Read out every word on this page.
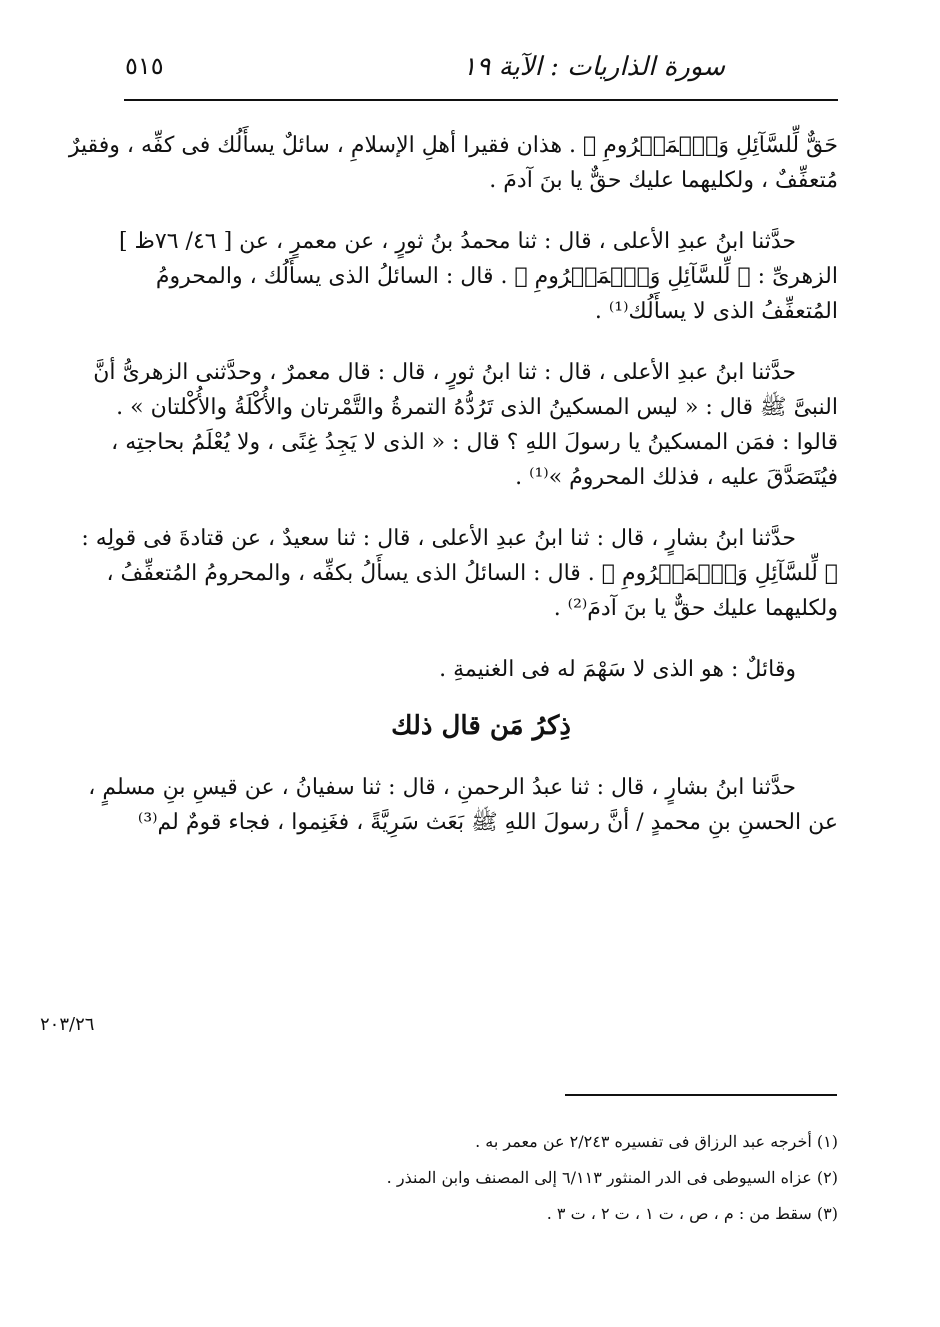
سورة الذاريات : الآية ١٩
٥١٥
حَقٌّ لِّلسَّآئِلِ وَٱلۡمَحۡرُومِ ﴾ . هذان فقيرا أهلِ الإسلامِ ، سائلٌ يسأَلُك فى كفِّه ، وفقيرٌ
مُتعفِّفٌ ، ولكليهما عليك حقٌّ يا بنَ آدمَ .
حدَّثنا ابنُ عبدِ الأعلى ، قال : ثنا محمدُ بنُ ثورٍ ، عن معمرٍ ، عن [ ٤٦/ ٧٦ظ ]
الزهرىِّ : ﴿ لِّلسَّآئِلِ وَٱلۡمَحۡرُومِ ﴾ . قال : السائلُ الذى يسأَلُك ، والمحرومُ
المُتعفِّفُ الذى لا يسأَلُك⁽¹⁾ .
حدَّثنا ابنُ عبدِ الأعلى ، قال : ثنا ابنُ ثورٍ ، قال : قال معمرٌ ، وحدَّثنى الزهرىُّ أنَّ
النبىَّ ﷺ قال : « ليس المسكينُ الذى تَرُدُّهُ التمرةُ والتَّمْرتان والأُكْلَةُ والأُكْلتان » .
قالوا : فمَن المسكينُ يا رسولَ اللهِ ؟ قال : « الذى لا يَجِدُ غِنًى ، ولا يُعْلَمُ بحاجتِه ،
فيُتَصَدَّقَ عليه ، فذلك المحرومُ »⁽¹⁾ .
حدَّثنا ابنُ بشارٍ ، قال : ثنا ابنُ عبدِ الأعلى ، قال : ثنا سعيدٌ ، عن قتادةَ فى قولِه :
﴿ لِّلسَّآئِلِ وَٱلۡمَحۡرُومِ ﴾ . قال : السائلُ الذى يسأَلُ بكفِّه ، والمحرومُ المُتعفِّفُ ،
ولكليهما عليك حقٌّ يا بنَ آدمَ⁽²⁾ .
وقائلٌ : هو الذى لا سَهْمَ له فى الغنيمةِ .
ذِكرُ مَن قال ذلك
حدَّثنا ابنُ بشارٍ ، قال : ثنا عبدُ الرحمنِ ، قال : ثنا سفيانُ ، عن قيسِ بنِ مسلمٍ ،
عن الحسنِ بنِ محمدٍ / أنَّ رسولَ اللهِ ﷺ بَعَث سَرِيَّةً ، فغَنِموا ، فجاء قومٌ لم⁽³⁾
٢٠٣/٢٦
(١) أخرجه عبد الرزاق فى تفسيره ٢/٢٤٣ عن معمر به .
(٢) عزاه السيوطى فى الدر المنثور ٦/١١٣ إلى المصنف وابن المنذر .
(٣) سقط من : م ، ص ، ت ١ ، ت ٢ ، ت ٣ .
